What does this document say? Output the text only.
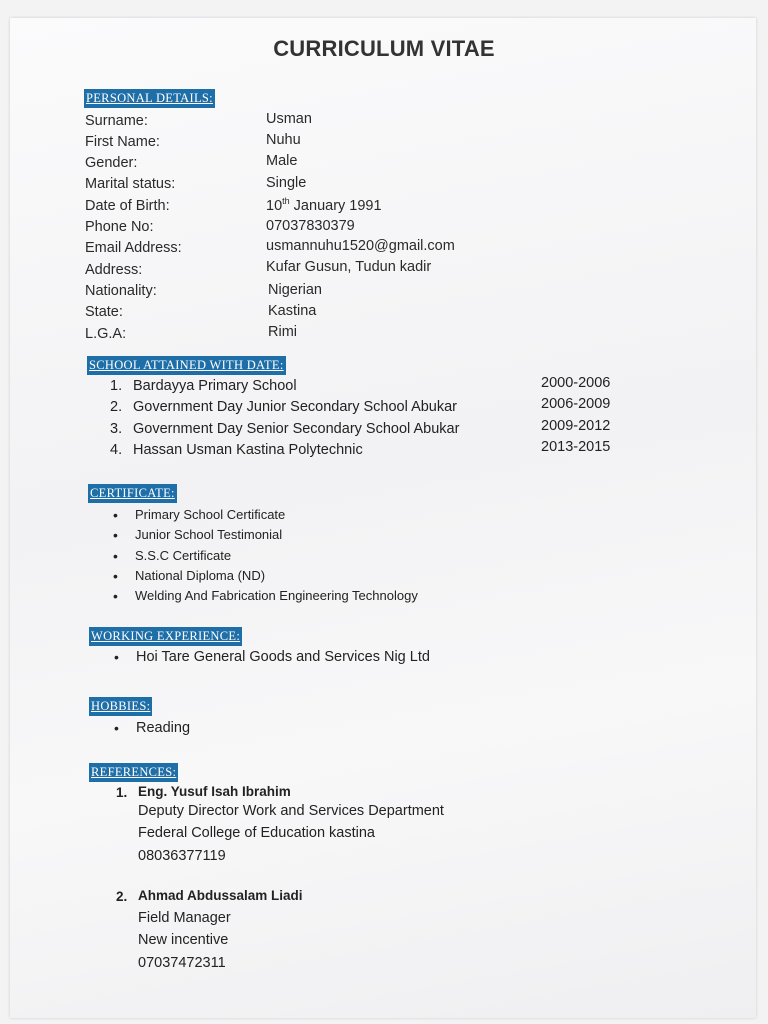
CURRICULUM VITAE
PERSONAL DETAILS:
Surname:	Usman
First Name:	Nuhu
Gender:	Male
Marital status:	Single
Date of Birth:	10th January 1991
Phone No:	07037830379
Email Address:	usmannuhu1520@gmail.com
Address:	Kufar Gusun, Tudun kadir
Nationality:	Nigerian
State:	Kastina
L.G.A:	Rimi
SCHOOL ATTAINED WITH DATE:
1. Bardayya Primary School	2000-2006
2. Government Day Junior Secondary School Abukar	2006-2009
3. Government Day Senior Secondary School Abukar	2009-2012
4. Hassan Usman Kastina Polytechnic	2013-2015
CERTIFICATE:
• Primary School Certificate
• Junior School Testimonial
• S.S.C Certificate
• National Diploma (ND)
• Welding And Fabrication Engineering Technology
WORKING EXPERIENCE:
• Hoi Tare General Goods and Services Nig Ltd
HOBBIES:
• Reading
REFERENCES:
1. Eng. Yusuf Isah Ibrahim
Deputy Director Work and Services Department
Federal College of Education kastina
08036377119
2. Ahmad Abdussalam Liadi
Field Manager
New incentive
07037472311
